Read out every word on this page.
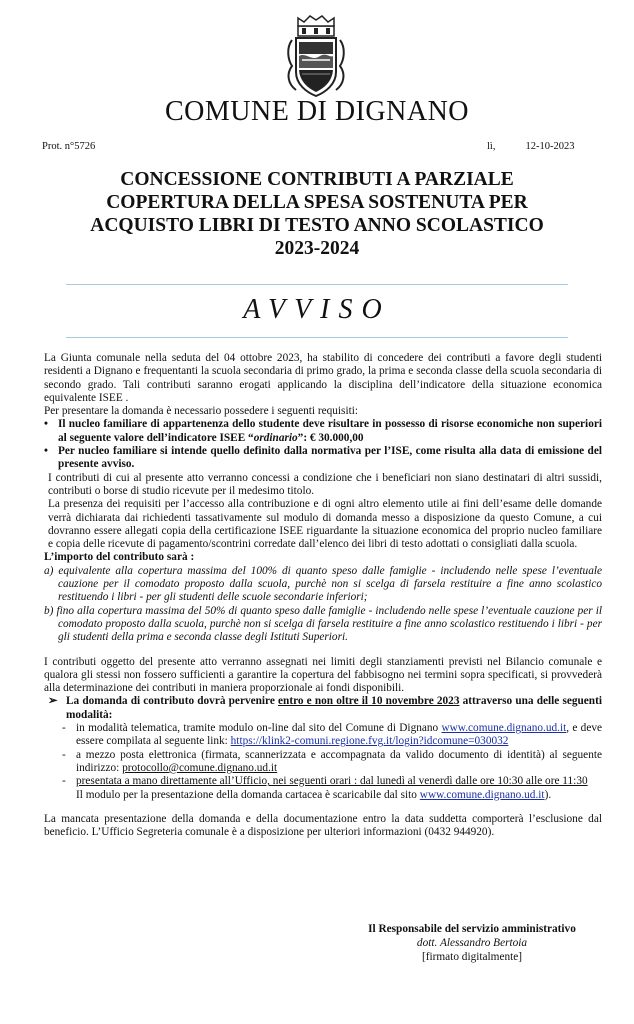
COMUNE DI DIGNANO
Prot. n°5726	lì,	12-10-2023
CONCESSIONE CONTRIBUTI A PARZIALE
COPERTURA DELLA SPESA SOSTENUTA PER
ACQUISTO LIBRI DI TESTO ANNO SCOLASTICO
2023-2024
AVVISO

La Giunta comunale nella seduta del 04 ottobre 2023, ha stabilito di concedere dei contributi a favore degli studenti residenti a Dignano e frequentanti la scuola secondaria di primo grado, la prima e seconda classe della scuola secondaria di secondo grado. Tali contributi saranno erogati applicando la disciplina dell’indicatore della situazione economica equivalente ISEE .

Per presentare la domanda è necessario possedere i seguenti requisiti:

• Il nucleo familiare di appartenenza dello studente deve risultare in possesso di risorse economiche non superiori al seguente valore dell’indicatore ISEE “ordinario”: € 30.000,00
• Per nucleo familiare si intende quello definito dalla normativa per l’ISE, come risulta alla data di emissione del presente avviso.

I contributi di cui al presente atto verranno concessi a condizione che i beneficiari non siano destinatari di altri sussidi, contributi o borse di studio ricevute per il medesimo titolo.

La presenza dei requisiti per l’accesso alla contribuzione e di ogni altro elemento utile ai fini dell’esame delle domande verrà dichiarata dai richiedenti tassativamente sul modulo di domanda messo a disposizione da questo Comune, a cui dovranno essere allegati copia della certificazione ISEE riguardante la situazione economica del proprio nucleo familiare e copia delle ricevute di pagamento/scontrini corredate dall’elenco dei libri di testo adottati o consigliati dalla scuola.

L’importo del contributo sarà :

a) equivalente alla copertura massima del 100% di quanto speso dalle famiglie - includendo nelle spese l’eventuale cauzione per il comodato proposto dalla scuola, purchè non si scelga di farsela restituire a fine anno scolastico restituendo i libri - per gli studenti delle scuole secondarie inferiori;

b) fino alla copertura massima del 50% di quanto speso dalle famiglie - includendo nelle spese l’eventuale cauzione per il comodato proposto dalla scuola, purchè non si scelga di farsela restituire a fine anno scolastico restituendo i libri - per gli studenti della prima e seconda classe degli Istituti Superiori.

I contributi oggetto del presente atto verranno assegnati nei limiti degli stanziamenti previsti nel Bilancio comunale e qualora gli stessi non fossero sufficienti a garantire la copertura del fabbisogno nei termini sopra specificati, si provvederà alla determinazione dei contributi in maniera proporzionale ai fondi disponibili.

➢ La domanda di contributo dovrà pervenire entro e non oltre il 10 novembre 2023 attraverso una delle seguenti modalità:

- in modalità telematica, tramite modulo on-line dal sito del Comune di Dignano www.comune.dignano.ud.it, e deve essere compilata al seguente link: https://klink2-comuni.regione.fvg.it/login?idcomune=030032
- a mezzo posta elettronica (firmata, scannerizzata e accompagnata da valido documento di identità) al seguente indirizzo: protocollo@comune.dignano.ud.it
- presentata a mano direttamente all’Ufficio, nei seguenti orari : dal lunedì al venerdì dalle ore 10:30 alle ore 11:30

Il modulo per la presentazione della domanda cartacea è scaricabile dal sito www.comune.dignano.ud.it).

La mancata presentazione della domanda e della documentazione entro la data suddetta comporterà l’esclusione dal beneficio. L’Ufficio Segreteria comunale è a disposizione per ulteriori informazioni (0432 944920).

Il Responsabile del servizio amministrativo
dott. Alessandro Bertoia
[firmato digitalmente]
